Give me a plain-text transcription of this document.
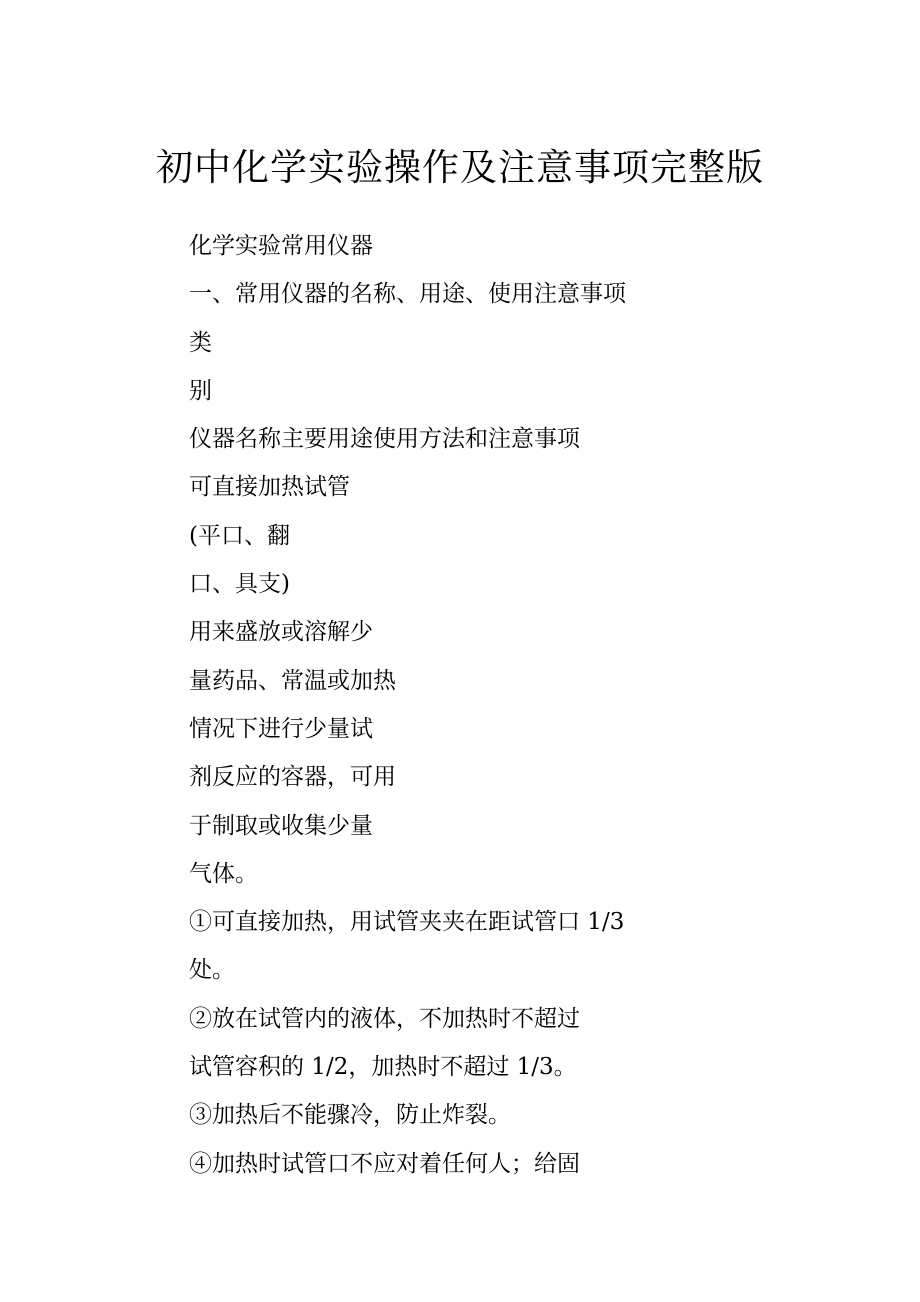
初中化学实验操作及注意事项完整版
化学实验常用仪器
一、常用仪器的名称、用途、使用注意事项
类
别
仪器名称主要用途使用方法和注意事项
可直接加热试管
(平口、翻
口、具支)
用来盛放或溶解少
量药品、常温或加热
情况下进行少量试
剂反应的容器，可用
于制取或收集少量
气体。
①可直接加热，用试管夹夹在距试管口 1/3
处。
②放在试管内的液体，不加热时不超过
试管容积的 1/2，加热时不超过 1/3。
③加热后不能骤冷，防止炸裂。
④加热时试管口不应对着任何人；给固
